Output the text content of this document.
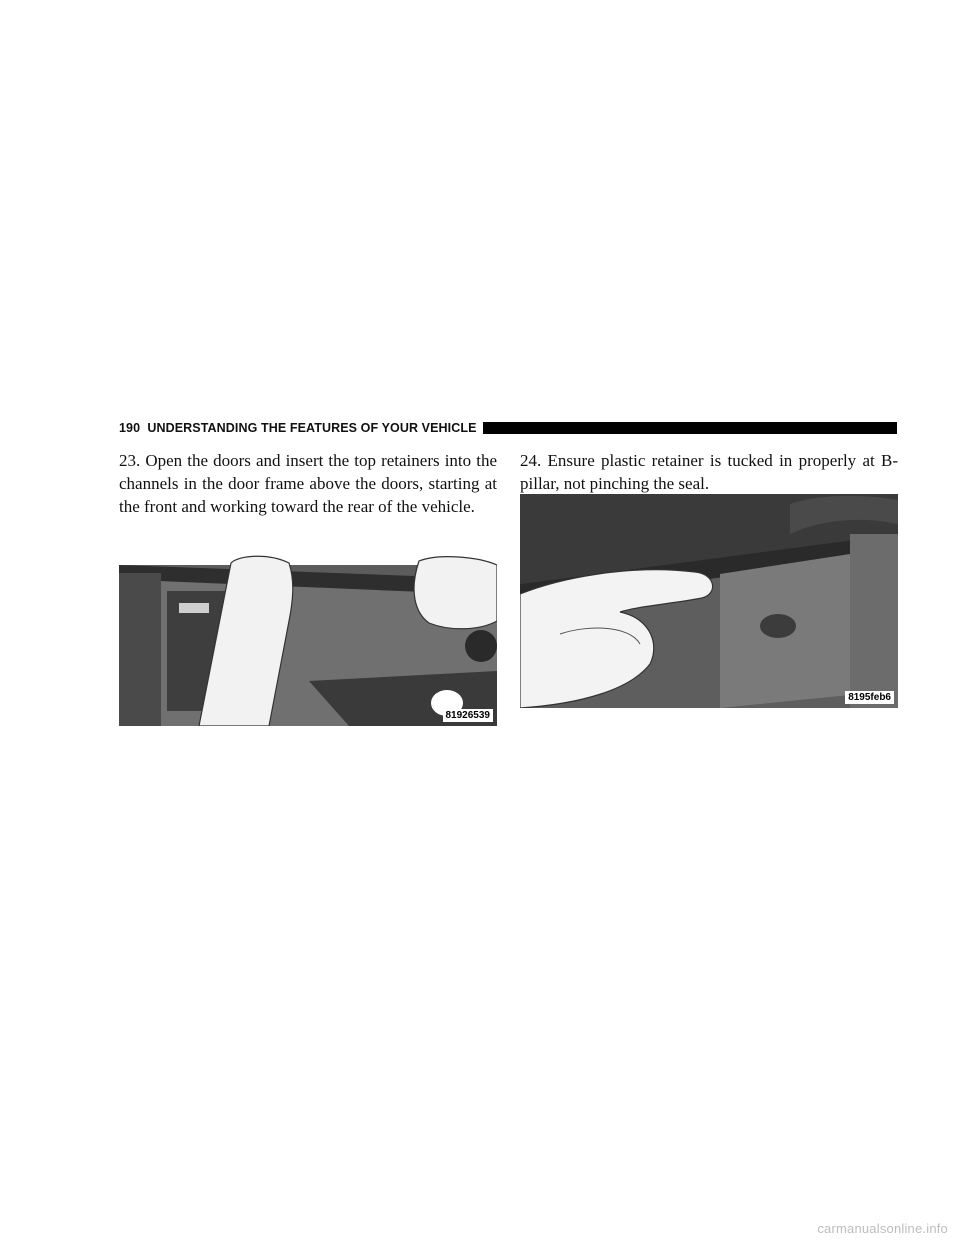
190 UNDERSTANDING THE FEATURES OF YOUR VEHICLE

23. Open the doors and insert the top retainers into the channels in the door frame above the doors, starting at the front and working toward the rear of the vehicle.

24. Ensure plastic retainer is tucked in properly at B-pillar, not pinching the seal.

81926539
8195feb6
carmanualsonline.info
